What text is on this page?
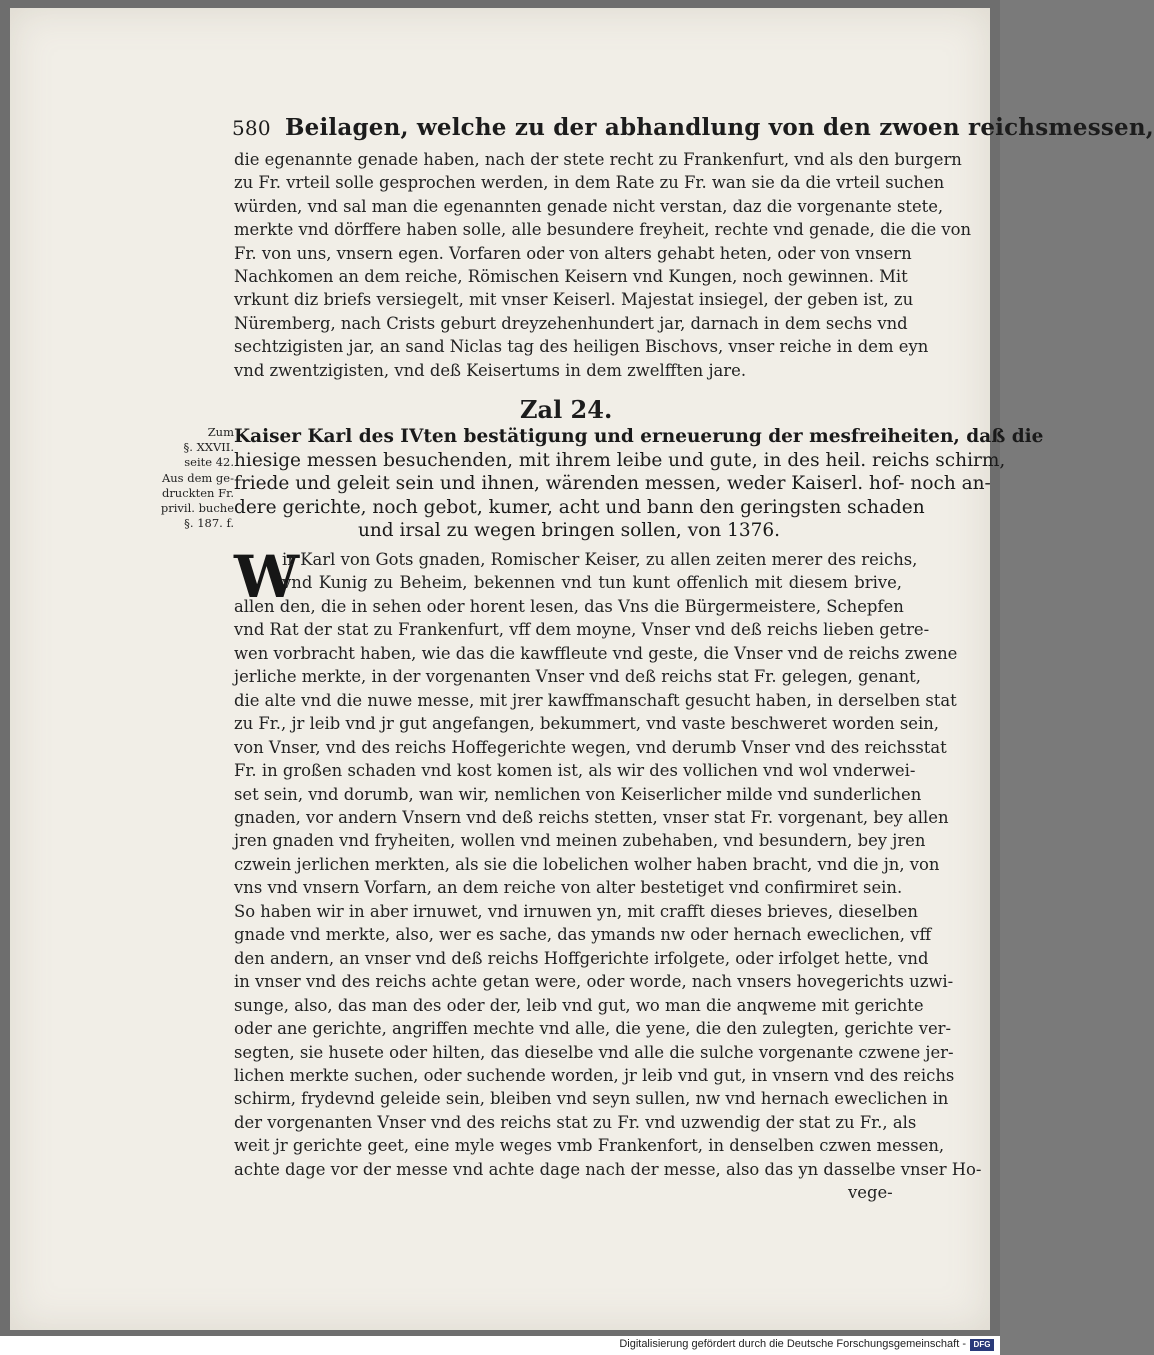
580 Beilagen, welche zu der abhandlung von den zwoen reichsmessen,
die egenannte genade haben, nach der stete recht zu Frankenfurt, vnd als den burgern
zu Fr. vrteil solle gesprochen werden, in dem Rate zu Fr. wan sie da die vrteil suchen
würden, vnd sal man die egenannten genade nicht verstan, daz die vorgenante stete,
merkte vnd dörffere haben solle, alle besundere freyheit, rechte vnd genade, die die von
Fr. von uns, vnsern egen. Vorfaren oder von alters gehabt heten, oder von vnsern
Nachkomen an dem reiche, Römischen Keisern vnd Kungen, noch gewinnen. Mit
vrkunt diz briefs versiegelt, mit vnser Keiserl. Majestat insiegel, der geben ist, zu
Nüremberg, nach Crists geburt dreyzehenhundert jar, darnach in dem sechs vnd
sechtzigisten jar, an sand Niclas tag des heiligen Bischovs, vnser reiche in dem eyn
vnd zwentzigisten, vnd deß Keisertums in dem zwelfften jare.
Zal 24.
Zum
§. XXVII.
seite 42.
Aus dem ge-
druckten Fr.
privil. buche
§. 187. f.
Kaiser Karl des IVten bestätigung und erneuerung der mesfreiheiten, daß die
hiesige messen besuchenden, mit ihrem leibe und gute, in des heil. reichs schirm,
friede und geleit sein und ihnen, wärenden messen, weder Kaiserl. hof- noch an-
dere gerichte, noch gebot, kumer, acht und bann den geringsten schaden
und irsal zu wegen bringen sollen, von 1376.
W
ir Karl von Gots gnaden, Romischer Keiser, zu allen zeiten merer des reichs,
vnd Kunig zu Beheim, bekennen vnd tun kunt offenlich mit diesem brive,
allen den, die in sehen oder horent lesen, das Vns die Bürgermeistere, Schepfen
vnd Rat der stat zu Frankenfurt, vff dem moyne, Vnser vnd deß reichs lieben getre-
wen vorbracht haben, wie das die kawffleute vnd geste, die Vnser vnd de reichs zwene
jerliche merkte, in der vorgenanten Vnser vnd deß reichs stat Fr. gelegen, genant,
die alte vnd die nuwe messe, mit jrer kawffmanschaft gesucht haben, in derselben stat
zu Fr., jr leib vnd jr gut angefangen, bekummert, vnd vaste beschweret worden sein,
von Vnser, vnd des reichs Hoffegerichte wegen, vnd derumb Vnser vnd des reichsstat
Fr. in großen schaden vnd kost komen ist, als wir des vollichen vnd wol vnderwei-
set sein, vnd dorumb, wan wir, nemlichen von Keiserlicher milde vnd sunderlichen
gnaden, vor andern Vnsern vnd deß reichs stetten, vnser stat Fr. vorgenant, bey allen
jren gnaden vnd fryheiten, wollen vnd meinen zubehaben, vnd besundern, bey jren
czwein jerlichen merkten, als sie die lobelichen wolher haben bracht, vnd die jn, von
vns vnd vnsern Vorfarn, an dem reiche von alter bestetiget vnd confirmiret sein.
So haben wir in aber irnuwet, vnd irnuwen yn, mit crafft dieses brieves, dieselben
gnade vnd merkte, also, wer es sache, das ymands nw oder hernach eweclichen, vff
den andern, an vnser vnd deß reichs Hoffgerichte irfolgete, oder irfolget hette, vnd
in vnser vnd des reichs achte getan were, oder worde, nach vnsers hovegerichts uzwi-
sunge, also, das man des oder der, leib vnd gut, wo man die anqweme mit gerichte
oder ane gerichte, angriffen mechte vnd alle, die yene, die den zulegten, gerichte ver-
segten, sie husete oder hilten, das dieselbe vnd alle die sulche vorgenante czwene jer-
lichen merkte suchen, oder suchende worden, jr leib vnd gut, in vnsern vnd des reichs
schirm, frydevnd geleide sein, bleiben vnd seyn sullen, nw vnd hernach eweclichen in
der vorgenanten Vnser vnd des reichs stat zu Fr. vnd uzwendig der stat zu Fr., als
weit jr gerichte geet, eine myle weges vmb Frankenfort, in denselben czwen messen,
achte dage vor der messe vnd achte dage nach der messe, also das yn dasselbe vnser Ho-
vege-
Digitalisierung gefördert durch die Deutsche Forschungsgemeinschaft - DFG
